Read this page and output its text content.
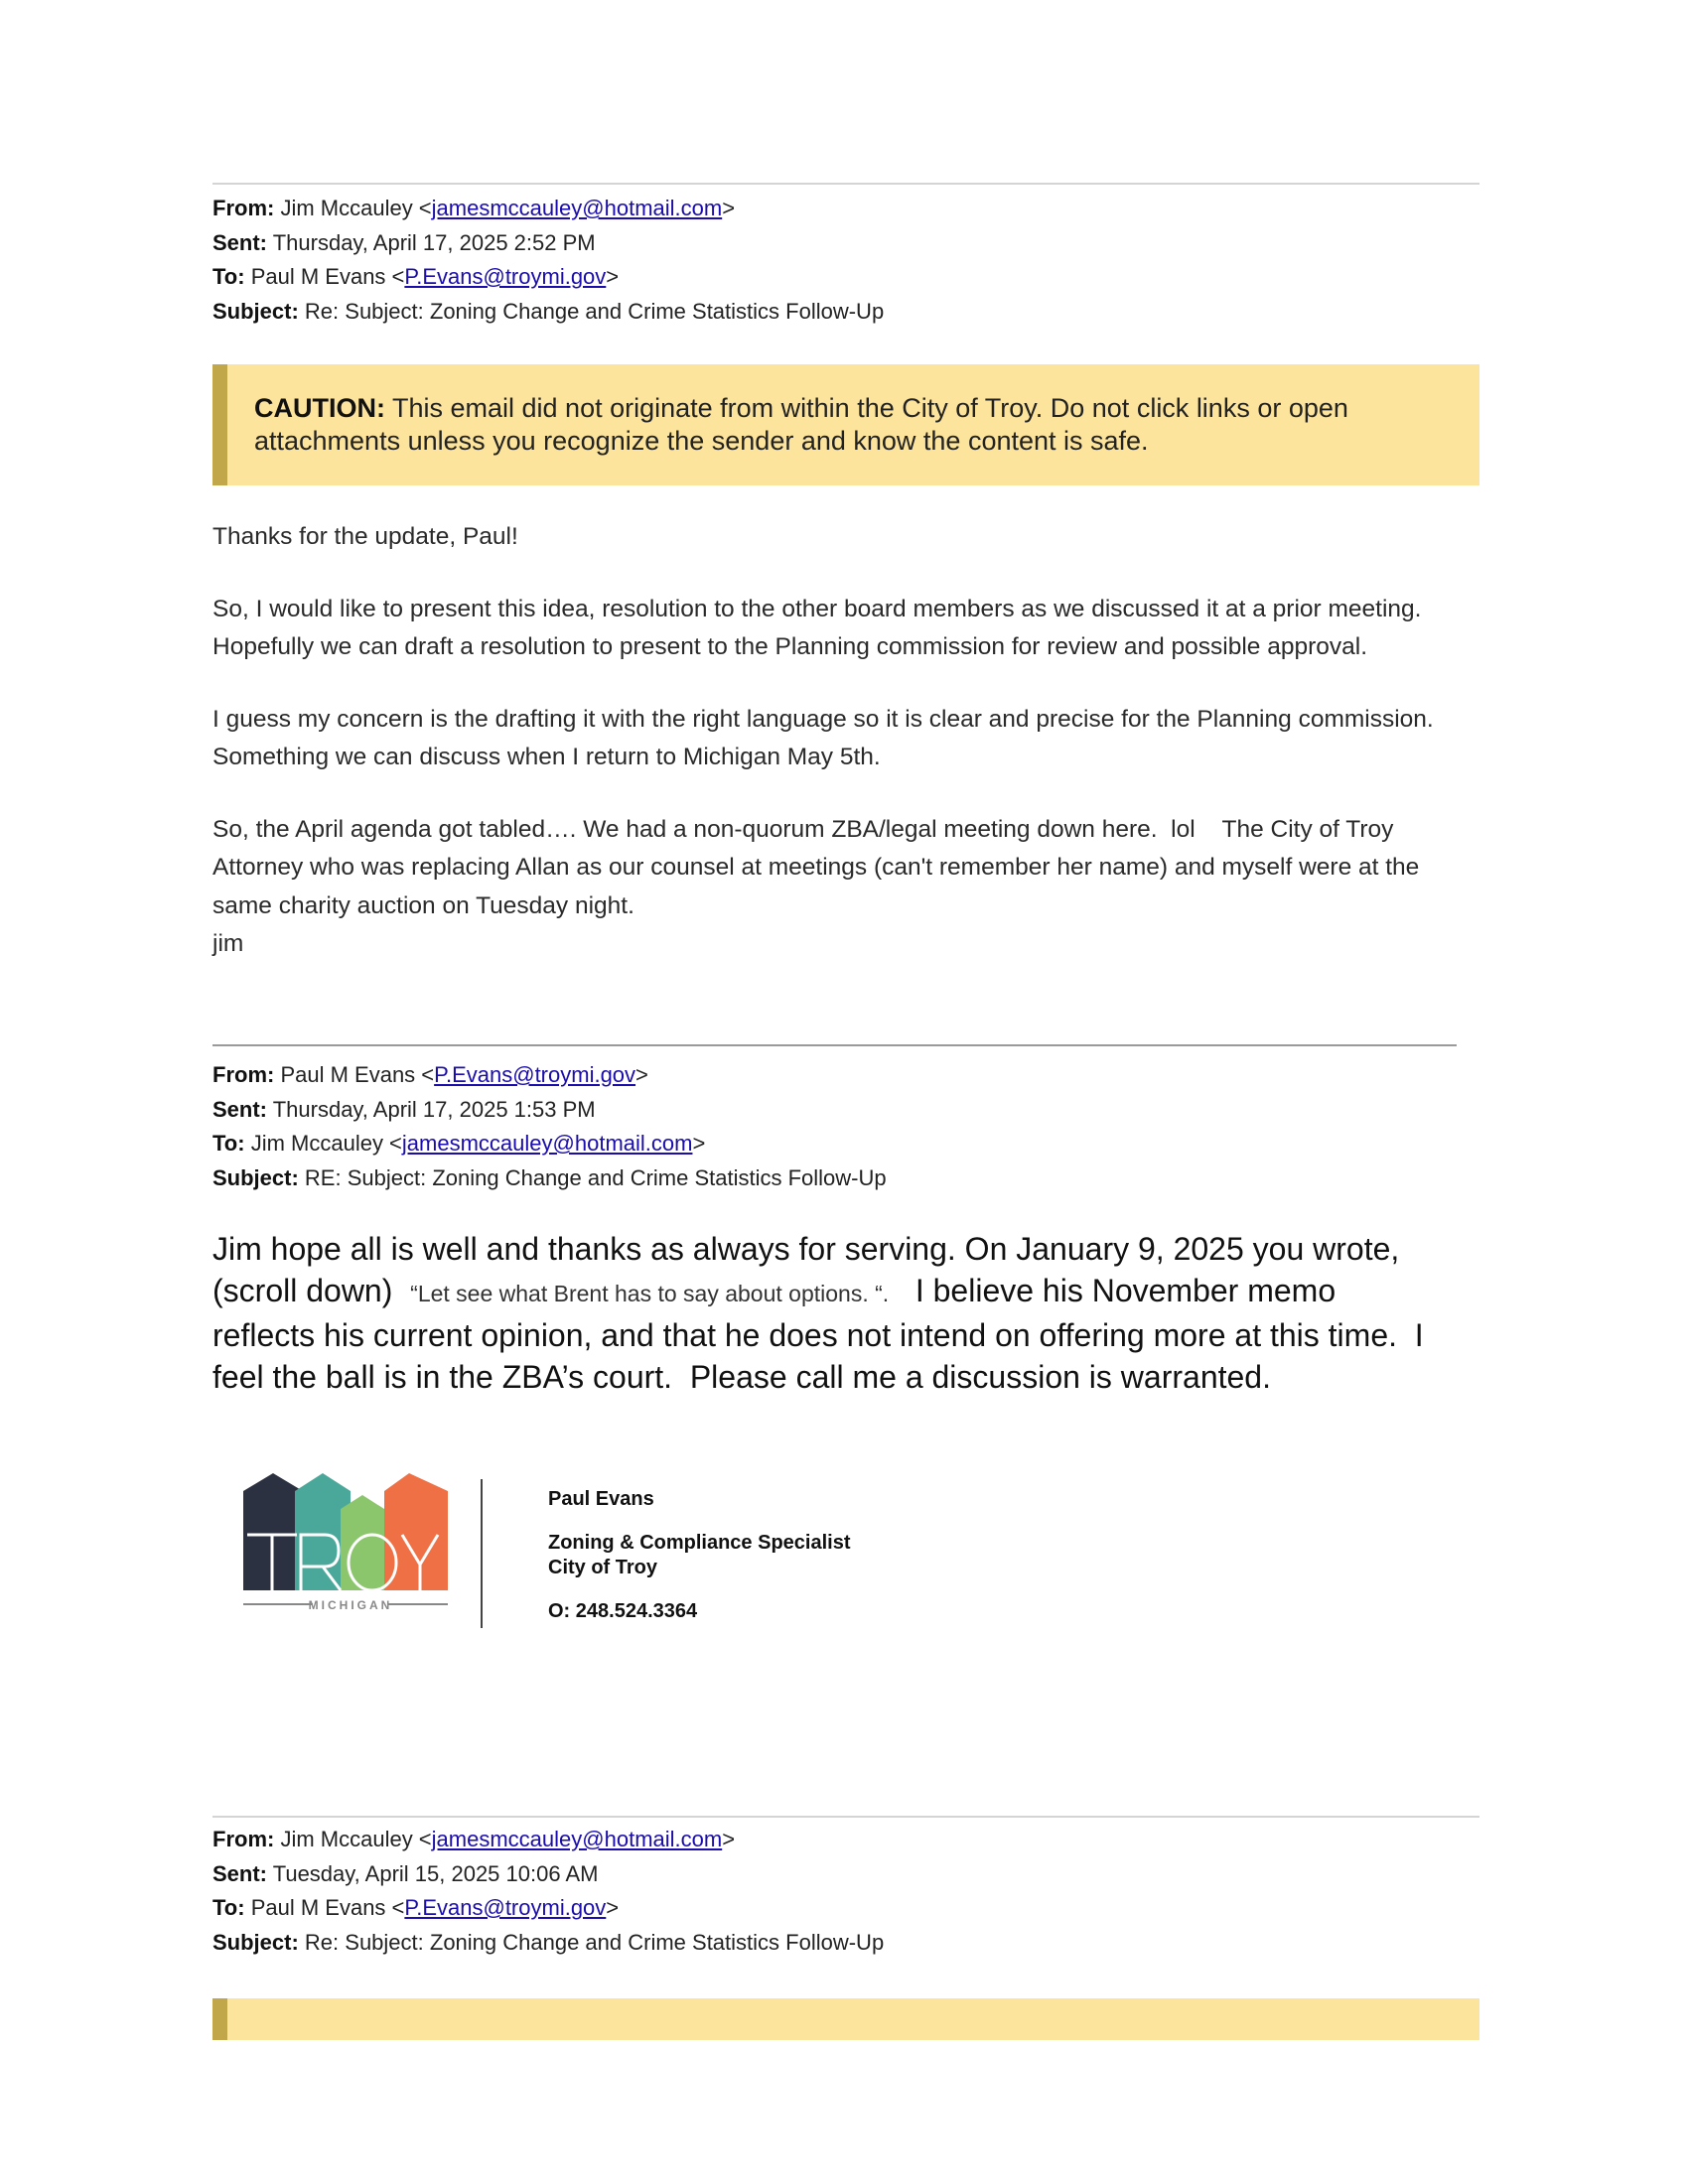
From: Jim Mccauley <jamesmccauley@hotmail.com>
Sent: Thursday, April 17, 2025 2:52 PM
To: Paul M Evans <P.Evans@troymi.gov>
Subject: Re: Subject: Zoning Change and Crime Statistics Follow-Up
CAUTION: This email did not originate from within the City of Troy. Do not click links or open attachments unless you recognize the sender and know the content is safe.

Thanks for the update, Paul!

So, I would like to present this idea, resolution to the other board members as we discussed it at a prior meeting.

Hopefully we can draft a resolution to present to the Planning commission for review and possible approval.

I guess my concern is the drafting it with the right language so it is clear and precise for the Planning commission.

Something we can discuss when I return to Michigan May 5th.

So, the April agenda got tabled…. We had a non-quorum ZBA/legal meeting down here.  lol    The City of Troy

Attorney who was replacing Allan as our counsel at meetings (can't remember her name) and myself were at the

same charity auction on Tuesday night.

jim

From: Paul M Evans <P.Evans@troymi.gov>
Sent: Thursday, April 17, 2025 1:53 PM
To: Jim Mccauley <jamesmccauley@hotmail.com>
Subject: RE: Subject: Zoning Change and Crime Statistics Follow-Up
Jim hope all is well and thanks as always for serving. On January 9, 2025 you wrote,
(scroll down)  “Let see what Brent has to say about options. “.   I believe his November memo
reflects his current opinion, and that he does not intend on offering more at this time.  I
feel the ball is in the ZBA’s court.  Please call me a discussion is warranted.
MICHIGAN
Paul Evans
Zoning & Compliance Specialist
City of Troy
O: 248.524.3364
From: Jim Mccauley <jamesmccauley@hotmail.com>
Sent: Tuesday, April 15, 2025 10:06 AM
To: Paul M Evans <P.Evans@troymi.gov>
Subject: Re: Subject: Zoning Change and Crime Statistics Follow-Up
